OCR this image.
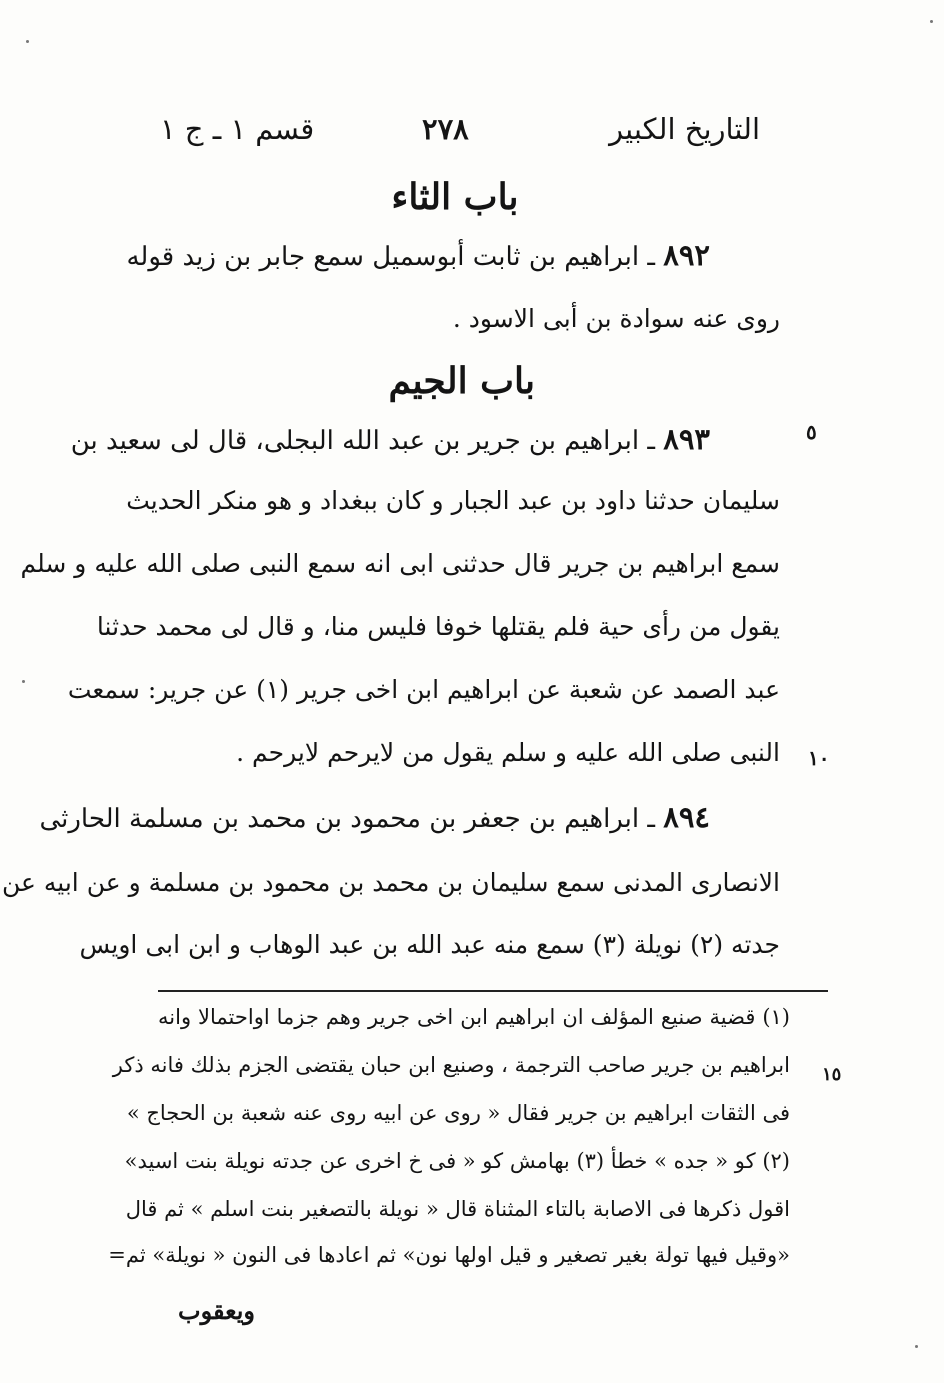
التاريخ الكبير
٢٧٨
قسم ١ ـ ج ١
باب الثاء
٨٩٢ ـ ابراهيم بن ثابت أبوسميل سمع جابر بن زيد قوله
روى عنه سوادة بن أبى الاسود .
باب الجيم
٥
٨٩٣ ـ ابراهيم بن جرير بن عبد الله البجلى، قال لى سعيد بن
سليمان حدثنا داود بن عبد الجبار و كان ببغداد و هو منكر الحديث
سمع ابراهيم بن جرير قال حدثنى ابى انه سمع النبى صلى الله عليه و سلم
يقول من رأى حية فلم يقتلها خوفا فليس منا، و قال لى محمد حدثنا
عبد الصمد عن شعبة عن ابراهيم ابن اخى جرير (١) عن جرير: سمعت
١٠
النبى صلى الله عليه و سلم يقول من لايرحم لايرحم .
٨٩٤ ـ ابراهيم بن جعفر بن محمود بن محمد بن مسلمة الحارثى
الانصارى المدنى سمع سليمان بن محمد بن محمود بن مسلمة و عن ابيه عن
جدته (٢) نويلة (٣) سمع منه عبد الله بن عبد الوهاب و ابن ابى اويس
(١) قضية صنيع المؤلف ان ابراهيم ابن اخى جرير وهم جزما اواحتمالا وانه
١٥
ابراهيم بن جرير صاحب الترجمة ، وصنيع ابن حبان يقتضى الجزم بذلك فانه ذكر
فى الثقات ابراهيم بن جرير فقال « روى عن ابيه روى عنه شعبة بن الحجاج »
(٢) كو « جده » خطأ (٣) بهامش كو « فى خ اخرى عن جدته نويلة بنت اسيد»
اقول ذكرها فى الاصابة بالتاء المثناة قال « نويلة بالتصغير بنت اسلم » ثم قال
«وقيل فيها تولة بغير تصغير و قيل اولها نون» ثم اعادها فى النون « نويلة» ثم=
ويعقوب
